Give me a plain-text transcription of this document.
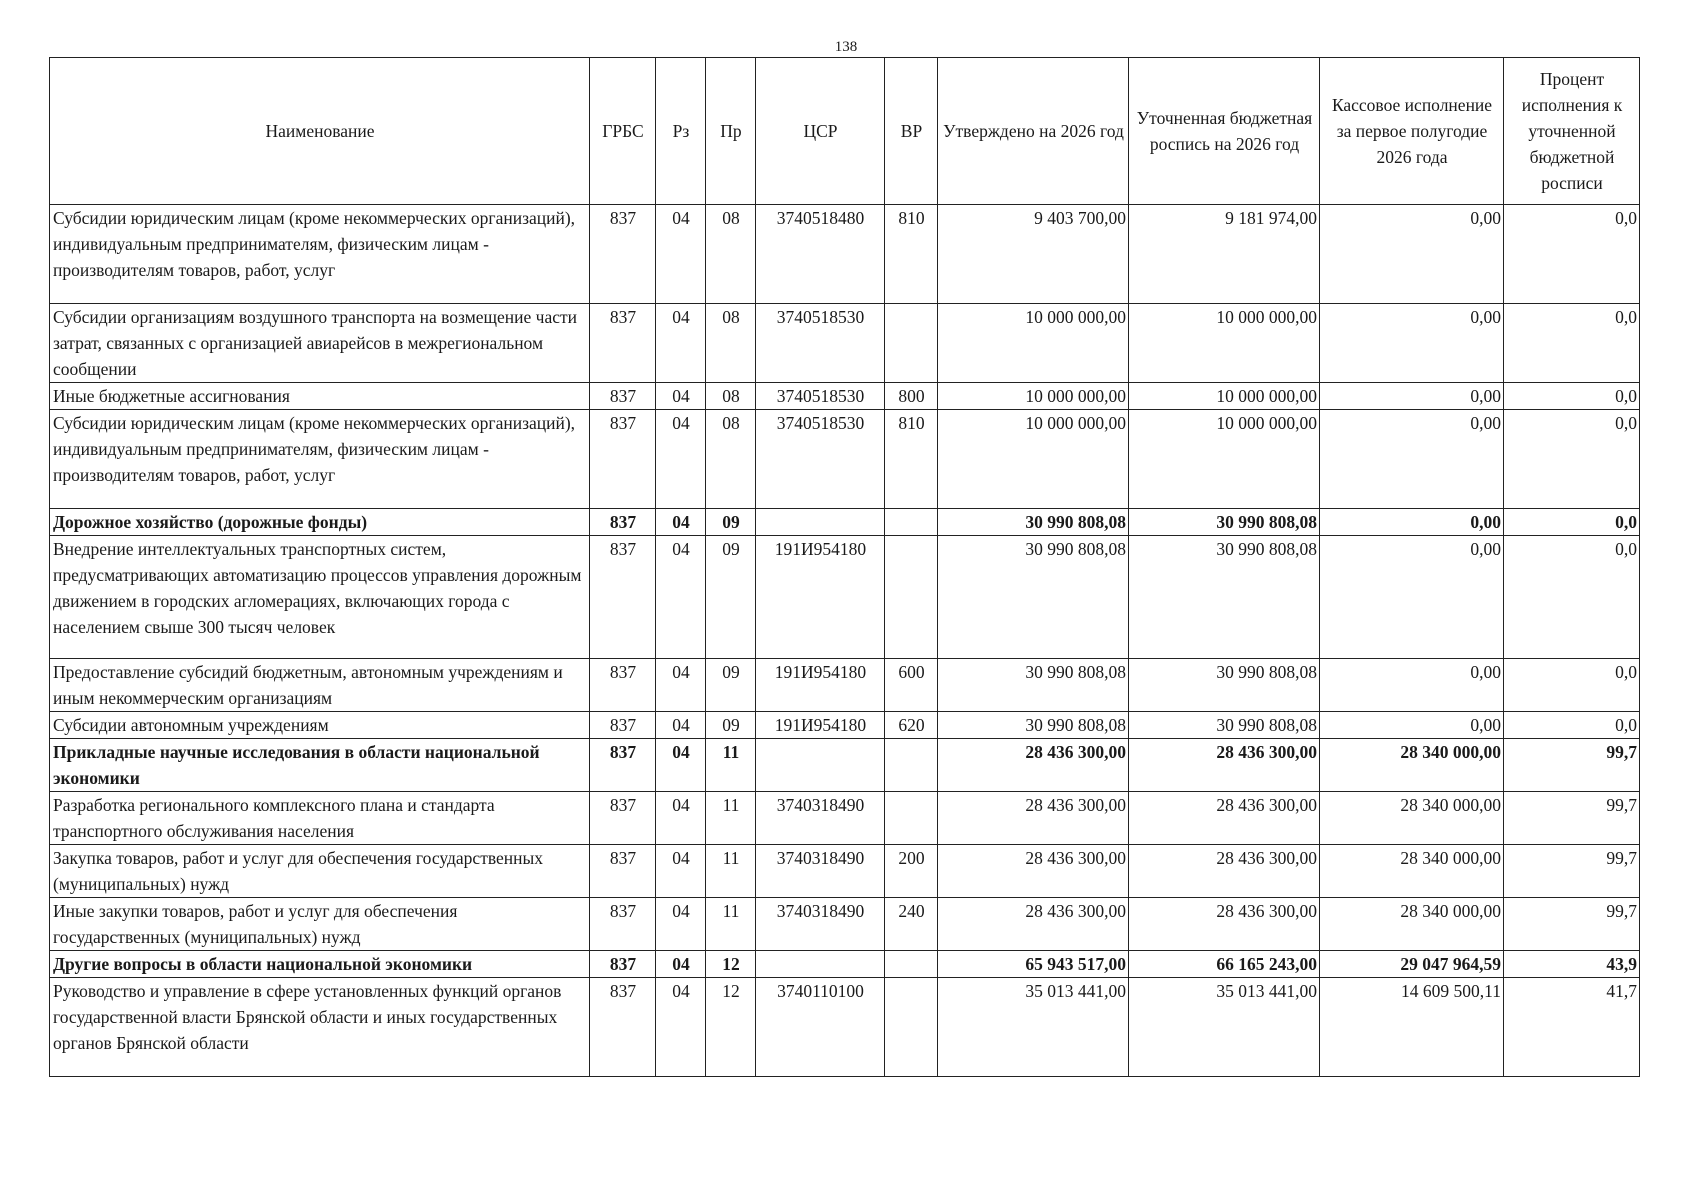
138
Наименование	ГРБС	Рз	Пр	ЦСР	ВР	Утверждено на 2026 год	Уточненная бюджетная роспись на 2026 год	Кассовое исполнение за первое полугодие 2026 года	Процент исполнения к уточненной бюджетной росписи
Субсидии юридическим лицам (кроме некоммерческих организаций), индивидуальным предпринимателям, физическим лицам - производителям товаров, работ, услуг	837	04	08	3740518480	810	9 403 700,00	9 181 974,00	0,00	0,0
Субсидии организациям воздушного транспорта на возмещение части затрат, связанных с организацией авиарейсов в межрегиональном сообщении	837	04	08	3740518530		10 000 000,00	10 000 000,00	0,00	0,0
Иные бюджетные ассигнования	837	04	08	3740518530	800	10 000 000,00	10 000 000,00	0,00	0,0
Субсидии юридическим лицам (кроме некоммерческих организаций), индивидуальным предпринимателям, физическим лицам - производителям товаров, работ, услуг	837	04	08	3740518530	810	10 000 000,00	10 000 000,00	0,00	0,0
Дорожное хозяйство (дорожные фонды)	837	04	09			30 990 808,08	30 990 808,08	0,00	0,0
Внедрение интеллектуальных транспортных систем, предусматривающих автоматизацию процессов управления дорожным движением в городских агломерациях, включающих города с населением свыше 300 тысяч человек	837	04	09	191И954180		30 990 808,08	30 990 808,08	0,00	0,0
Предоставление субсидий бюджетным, автономным учреждениям и иным некоммерческим организациям	837	04	09	191И954180	600	30 990 808,08	30 990 808,08	0,00	0,0
Субсидии автономным учреждениям	837	04	09	191И954180	620	30 990 808,08	30 990 808,08	0,00	0,0
Прикладные научные исследования в области национальной экономики	837	04	11			28 436 300,00	28 436 300,00	28 340 000,00	99,7
Разработка регионального комплексного плана и стандарта транспортного обслуживания населения	837	04	11	3740318490		28 436 300,00	28 436 300,00	28 340 000,00	99,7
Закупка товаров, работ и услуг для обеспечения государственных (муниципальных) нужд	837	04	11	3740318490	200	28 436 300,00	28 436 300,00	28 340 000,00	99,7
Иные закупки товаров, работ и услуг для обеспечения государственных (муниципальных) нужд	837	04	11	3740318490	240	28 436 300,00	28 436 300,00	28 340 000,00	99,7
Другие вопросы в области национальной экономики	837	04	12			65 943 517,00	66 165 243,00	29 047 964,59	43,9
Руководство и управление в сфере установленных функций органов государственной власти Брянской области и иных государственных органов Брянской области	837	04	12	3740110100		35 013 441,00	35 013 441,00	14 609 500,11	41,7
